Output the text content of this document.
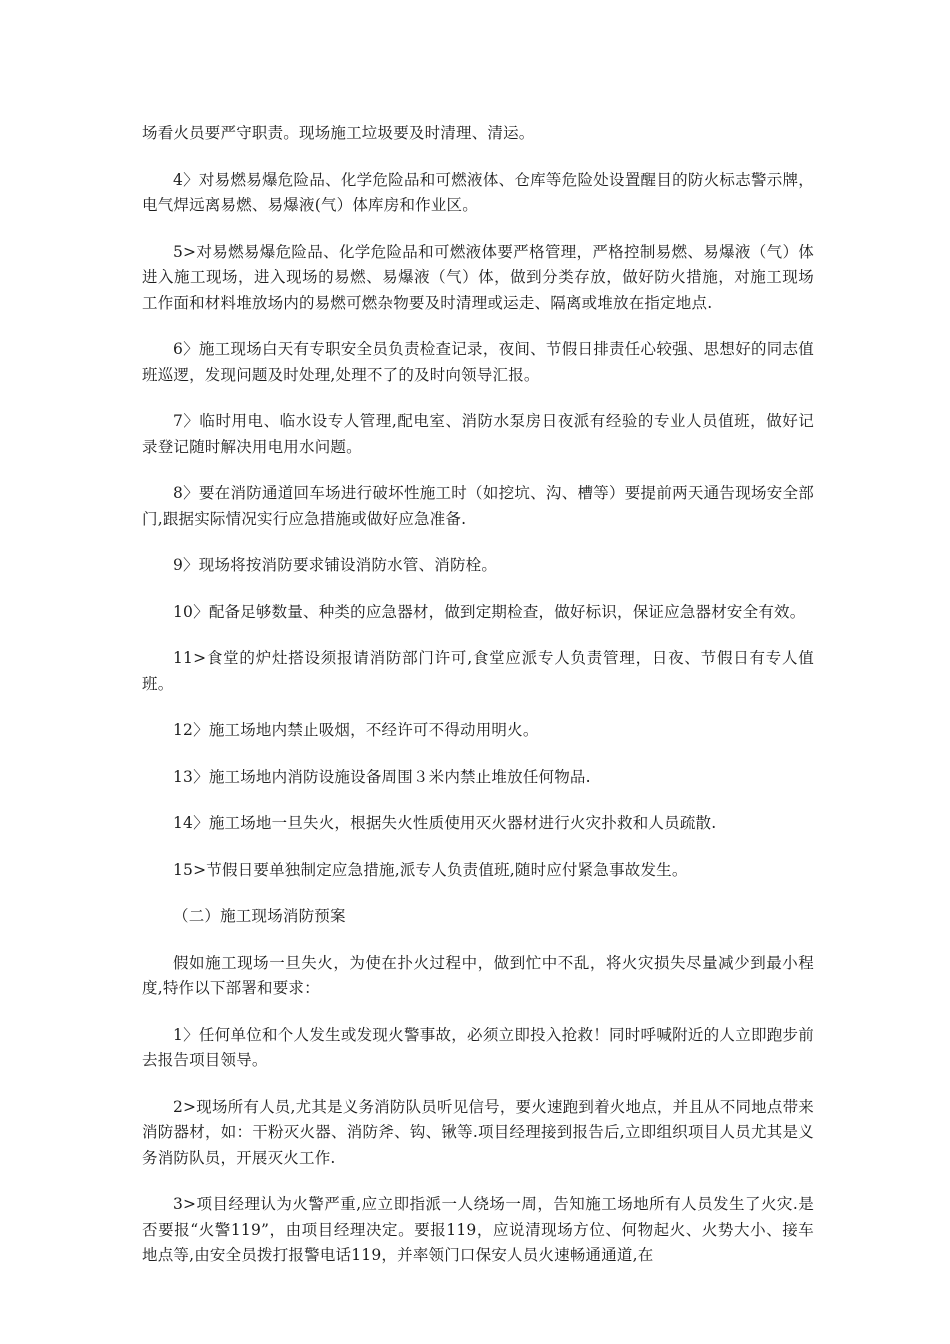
场看火员要严守职责。现场施工垃圾要及时清理、清运。

4〉对易燃易爆危险品、化学危险品和可燃液体、仓库等危险处设置醒目的防火标志警示牌，电气焊远离易燃、易爆液(气）体库房和作业区。

5>对易燃易爆危险品、化学危险品和可燃液体要严格管理，严格控制易燃、易爆液（气）体进入施工现场，进入现场的易燃、易爆液（气）体，做到分类存放，做好防火措施，对施工现场工作面和材料堆放场内的易燃可燃杂物要及时清理或运走、隔离或堆放在指定地点.

6〉施工现场白天有专职安全员负责检查记录，夜间、节假日排责任心较强、思想好的同志值班巡逻，发现问题及时处理,处理不了的及时向领导汇报。

7〉临时用电、临水设专人管理,配电室、消防水泵房日夜派有经验的专业人员值班，做好记录登记随时解决用电用水问题。

8〉要在消防通道回车场进行破坏性施工时（如挖坑、沟、槽等）要提前两天通告现场安全部门,跟据实际情况实行应急措施或做好应急准备.

9〉现场将按消防要求铺设消防水管、消防栓。

10〉配备足够数量、种类的应急器材，做到定期检查，做好标识，保证应急器材安全有效。

11>食堂的炉灶搭设须报请消防部门许可,食堂应派专人负责管理，日夜、节假日有专人值班。

12〉施工场地内禁止吸烟，不经许可不得动用明火。

13〉施工场地内消防设施设备周围３米内禁止堆放任何物品.

14〉施工场地一旦失火，根据失火性质使用灭火器材进行火灾扑救和人员疏散.

15>节假日要单独制定应急措施,派专人负责值班,随时应付紧急事故发生。

（二）施工现场消防预案

假如施工现场一旦失火，为使在扑火过程中，做到忙中不乱，将火灾损失尽量减少到最小程度,特作以下部署和要求：

1〉任何单位和个人发生或发现火警事故，必须立即投入抢救！同时呼喊附近的人立即跑步前去报告项目领导。

2>现场所有人员,尤其是义务消防队员听见信号，要火速跑到着火地点，并且从不同地点带来消防器材，如：干粉灭火器、消防斧、钩、锹等.项目经理接到报告后,立即组织项目人员尤其是义务消防队员，开展灭火工作.

3>项目经理认为火警严重,应立即指派一人绕场一周，告知施工场地所有人员发生了火灾.是否要报“火警119”，由项目经理决定。要报119，应说清现场方位、何物起火、火势大小、接车地点等,由安全员拨打报警电话119，并率领门口保安人员火速畅通通道,在
